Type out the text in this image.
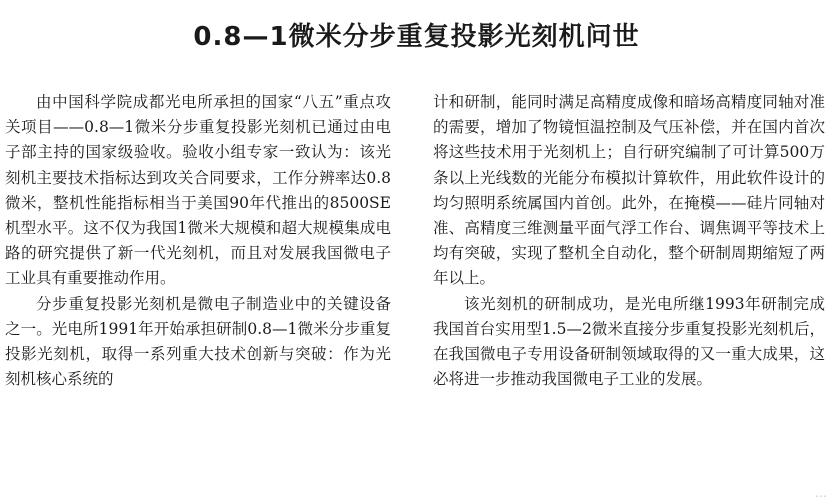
0.8—1微米分步重复投影光刻机问世

由中国科学院成都光电所承担的国家“八五”重点攻关项目——0.8—1微米分步重复投影光刻机已通过由电子部主持的国家级验收。验收小组专家一致认为：该光刻机主要技术指标达到攻关合同要求，工作分辨率达0.8微米，整机性能指标相当于美国90年代推出的8500SE机型水平。这不仅为我国1微米大规模和超大规模集成电路的研究提供了新一代光刻机，而且对发展我国微电子工业具有重要推动作用。

分步重复投影光刻机是微电子制造业中的关键设备之一。光电所1991年开始承担研制0.8—1微米分步重复投影光刻机，取得一系列重大技术创新与突破：作为光刻机核心系统的

计和研制，能同时满足高精度成像和暗场高精度同轴对准的需要，增加了物镜恒温控制及气压补偿，并在国内首次将这些技术用于光刻机上；自行研究编制了可计算500万条以上光线数的光能分布模拟计算软件，用此软件设计的均匀照明系统属国内首创。此外，在掩模——硅片同轴对准、高精度三维测量平面气浮工作台、调焦调平等技术上均有突破，实现了整机全自动化，整个研制周期缩短了两年以上。

该光刻机的研制成功，是光电所继1993年研制完成我国首台实用型1.5—2微米直接分步重复投影光刻机后，在我国微电子专用设备研制领域取得的又一重大成果，这必将进一步推动我国微电子工业的发展。

…
